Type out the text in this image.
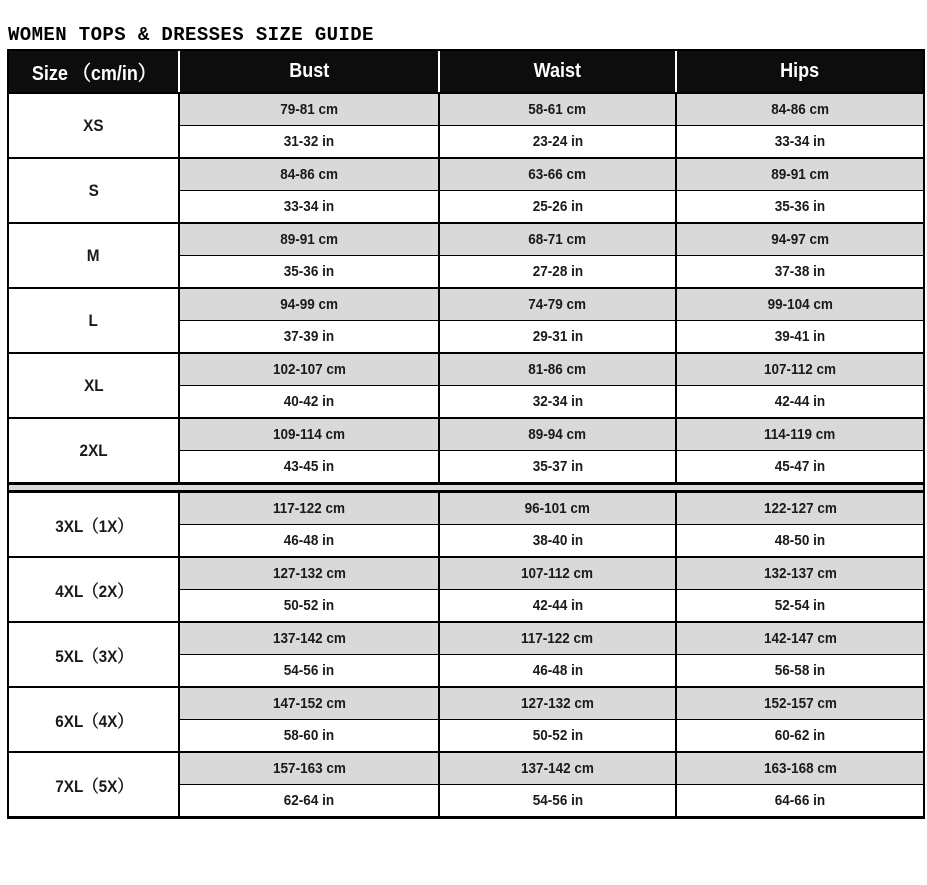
WOMEN TOPS & DRESSES SIZE GUIDE
Size （cm/in）	Bust	Waist	Hips
XS	79-81 cm	58-61 cm	84-86 cm
	31-32 in	23-24 in	33-34 in
S	84-86 cm	63-66 cm	89-91 cm
	33-34 in	25-26 in	35-36 in
M	89-91 cm	68-71 cm	94-97 cm
	35-36 in	27-28 in	37-38 in
L	94-99 cm	74-79 cm	99-104 cm
	37-39 in	29-31 in	39-41 in
XL	102-107 cm	81-86 cm	107-112 cm
	40-42 in	32-34 in	42-44 in
2XL	109-114 cm	89-94 cm	114-119 cm
	43-45 in	35-37 in	45-47 in

3XL（1X）	117-122 cm	96-101 cm	122-127 cm
	46-48 in	38-40 in	48-50 in
4XL（2X）	127-132 cm	107-112 cm	132-137 cm
	50-52 in	42-44 in	52-54 in
5XL（3X）	137-142 cm	117-122 cm	142-147 cm
	54-56 in	46-48 in	56-58 in
6XL（4X）	147-152 cm	127-132 cm	152-157 cm
	58-60 in	50-52 in	60-62 in
7XL（5X）	157-163 cm	137-142 cm	163-168 cm
	62-64 in	54-56 in	64-66 in
